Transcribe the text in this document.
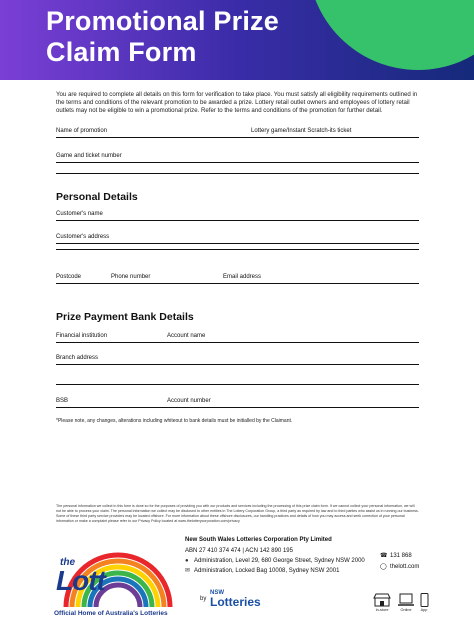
Promotional Prize
Claim Form
You are required to complete all details on this form for verification to take place. You must satisfy all eligibility requirements outlined in the terms and conditions of the relevant promotion to be awarded a prize. Lottery retail outlet owners and employees of lottery retail outlets may not be eligible to win a promotional prize. Refer to the terms and conditions of the promotion for further detail.
Name of promotion	Lottery game/Instant Scratch-its ticket
Game and ticket number
Personal Details
Customer's name
Customer's address
Postcode	Phone number	Email address
Prize Payment Bank Details
Financial institution	Account name
Branch address
BSB	Account number
*Please note, any changes, alterations including whiteout to bank details must be initialled by the Claimant.
The personal information we collect in this form is done so for the purposes of providing you with our products and services including the processing of this prize claim form. If we cannot collect your personal information, we will not be able to process your claim. The personal information we collect may be disclosed to other entities in The Lottery Corporation Group, a third party as required by law and to third parties who assist us in running our business. Some of these third party service providers may be located offshore. For more information about these offshore disclosures, our handling practices and details of how you may access and seek correction of your personal information or make a complaint please refer to our Privacy Policy located at www.thelotterycorporation.com/privacy
the
Lott
Official Home of Australia's Lotteries
New South Wales Lotteries Corporation Pty Limited
ABN 27 410 374 474 | ACN 142 890 195
● Administration, Level 29, 680 George Street, Sydney NSW 2000
✉ Administration, Locked Bag 10008, Sydney NSW 2001
☎ 131 868
◯ thelott.com
by
NSW
Lotteries
In-store	Online	App
